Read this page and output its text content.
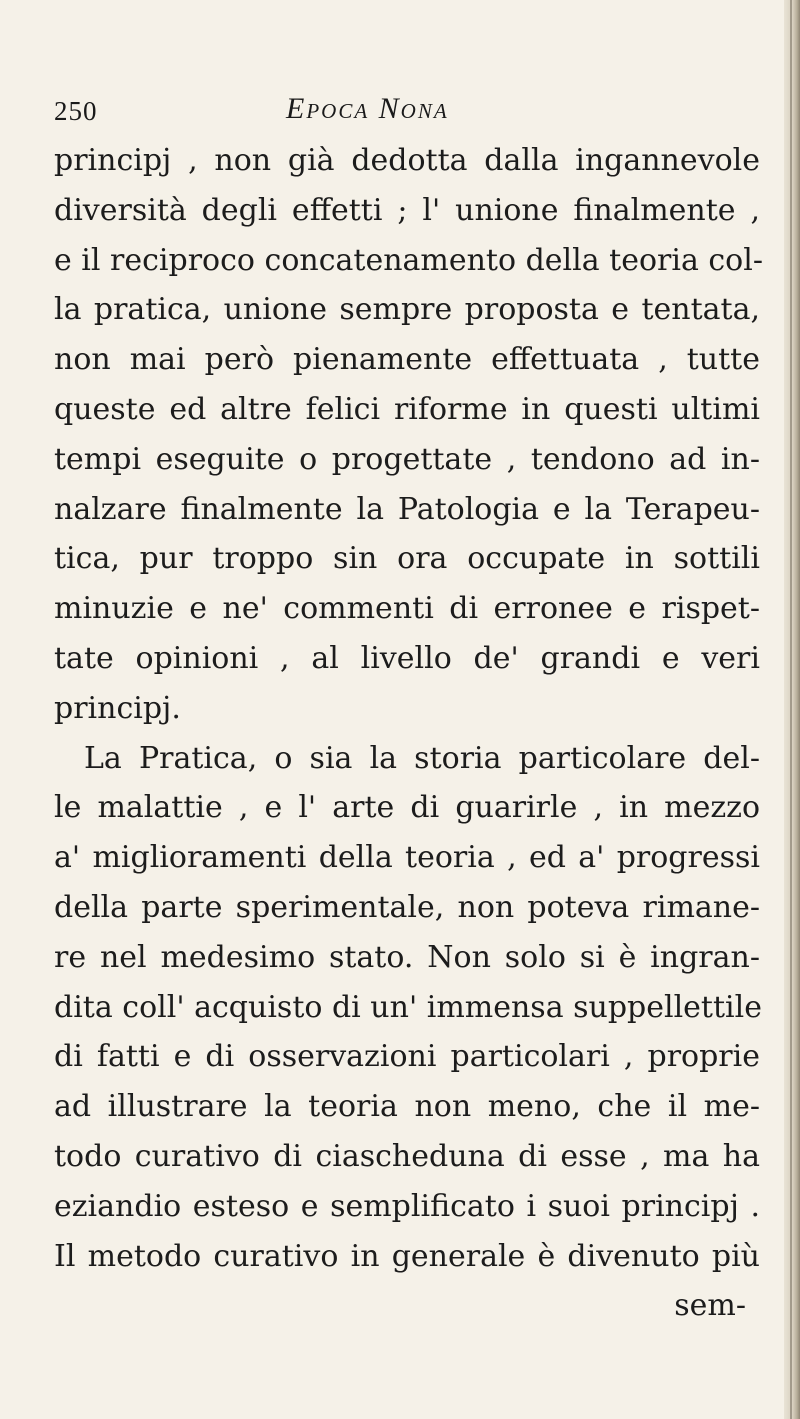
250	Epoca Nona
principj , non già dedotta dalla ingannevole
diversità degli effetti ; l' unione finalmente ,
e il reciproco concatenamento della teoria col-
la pratica, unione sempre proposta e tentata,
non mai però pienamente effettuata , tutte
queste ed altre felici riforme in questi ultimi
tempi eseguite o progettate , tendono ad in-
nalzare finalmente la Patologia e la Terapeu-
tica, pur troppo sin ora occupate in sottili
minuzie e ne' commenti di erronee e rispet-
tate opinioni , al livello de' grandi e veri
principj.
La Pratica, o sia la storia particolare del-
le malattie , e l' arte di guarirle , in mezzo
a' miglioramenti della teoria , ed a' progressi
della parte sperimentale, non poteva rimane-
re nel medesimo stato. Non solo si è ingran-
dita coll' acquisto di un' immensa suppellettile
di fatti e di osservazioni particolari , proprie
ad illustrare la teoria non meno, che il me-
todo curativo di ciascheduna di esse , ma ha
eziandio esteso e semplificato i suoi principj .
Il metodo curativo in generale è divenuto più
sem-
